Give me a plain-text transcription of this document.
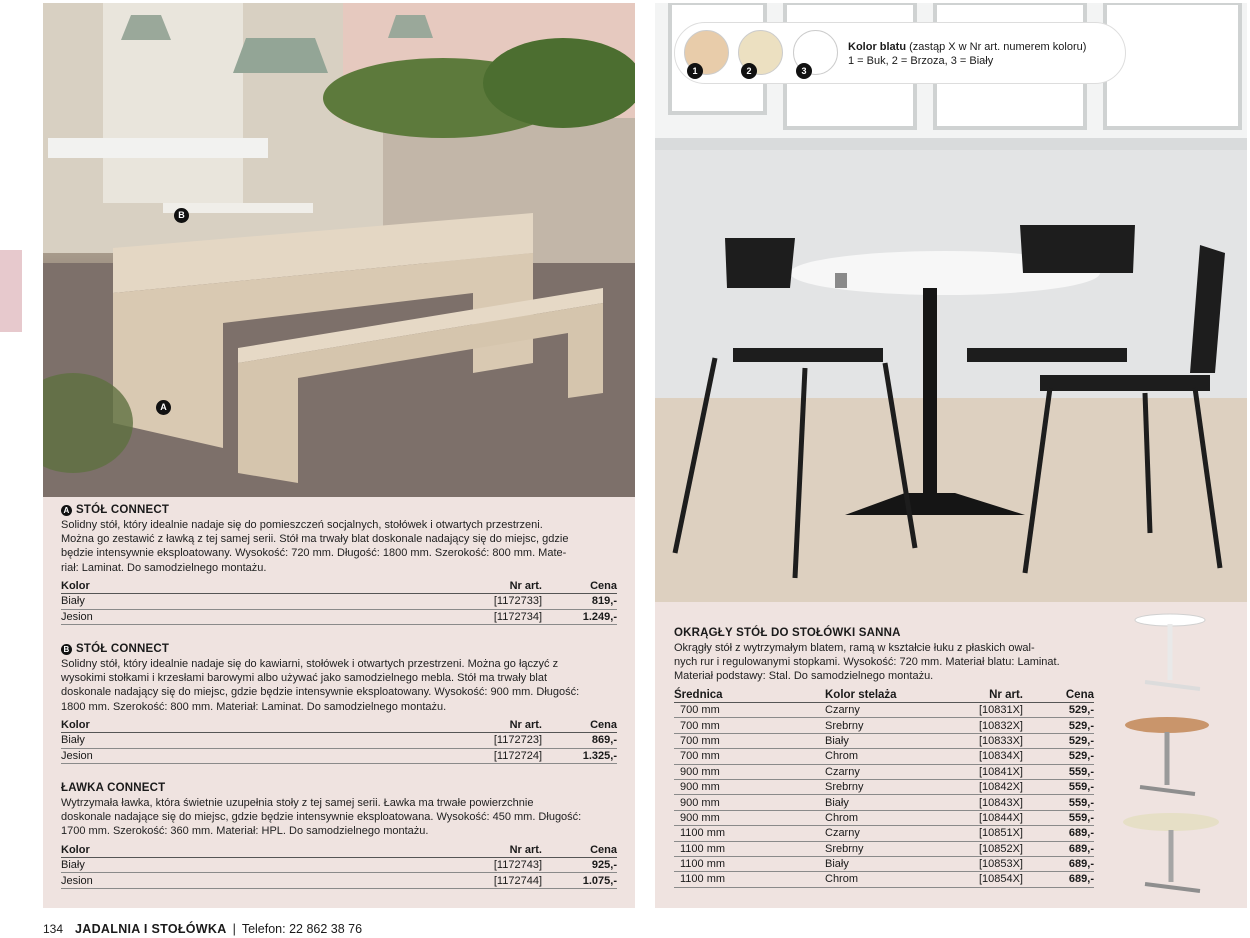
B
A
A STÓŁ CONNECT
Solidny stół, który idealnie nadaje się do pomieszczeń socjalnych, stołówek i otwartych przestrzeni.
Można go zestawić z ławką z tej samej serii. Stół ma trwały blat doskonale nadający się do miejsc, gdzie
będzie intensywnie eksploatowany. Wysokość: 720 mm. Długość: 1800 mm. Szerokość: 800 mm. Mate-
riał: Laminat. Do samodzielnego montażu.
Kolor	Nr art.	Cena
Biały	[1172733]	819,-
Jesion	[1172734]	1.249,-
B STÓŁ CONNECT
Solidny stół, który idealnie nadaje się do kawiarni, stołówek i otwartych przestrzeni. Można go łączyć z
wysokimi stołkami i krzesłami barowymi albo używać jako samodzielnego mebla. Stół ma trwały blat
doskonale nadający się do miejsc, gdzie będzie intensywnie eksploatowany. Wysokość: 900 mm. Długość:
1800 mm. Szerokość: 800 mm. Materiał: Laminat. Do samodzielnego montażu.
Kolor	Nr art.	Cena
Biały	[1172723]	869,-
Jesion	[1172724]	1.325,-
ŁAWKA CONNECT
Wytrzymała ławka, która świetnie uzupełnia stoły z tej samej serii. Ławka ma trwałe powierzchnie
doskonale nadające się do miejsc, gdzie będzie intensywnie eksploatowana. Wysokość: 450 mm. Długość:
1700 mm. Szerokość: 360 mm. Materiał: HPL. Do samodzielnego montażu.
Kolor	Nr art.	Cena
Biały	[1172743]	925,-
Jesion	[1172744]	1.075,-
1	2	3
Kolor blatu (zastąp X w Nr art. numerem koloru)
1 = Buk, 2 = Brzoza, 3 = Biały
OKRĄGŁY STÓŁ DO STOŁÓWKI SANNA
Okrągły stół z wytrzymałym blatem, ramą w kształcie łuku z płaskich owal-
nych rur i regulowanymi stopkami. Wysokość: 720 mm. Materiał blatu: Laminat.
Materiał podstawy: Stal. Do samodzielnego montażu.
Średnica	Kolor stelaża	Nr art.	Cena
700 mm	Czarny	[10831X]	529,-
700 mm	Srebrny	[10832X]	529,-
700 mm	Biały	[10833X]	529,-
700 mm	Chrom	[10834X]	529,-
900 mm	Czarny	[10841X]	559,-
900 mm	Srebrny	[10842X]	559,-
900 mm	Biały	[10843X]	559,-
900 mm	Chrom	[10844X]	559,-
1100 mm	Czarny	[10851X]	689,-
1100 mm	Srebrny	[10852X]	689,-
1100 mm	Biały	[10853X]	689,-
1100 mm	Chrom	[10854X]	689,-
134 JADALNIA I STOŁÓWKA | Telefon: 22 862 38 76
